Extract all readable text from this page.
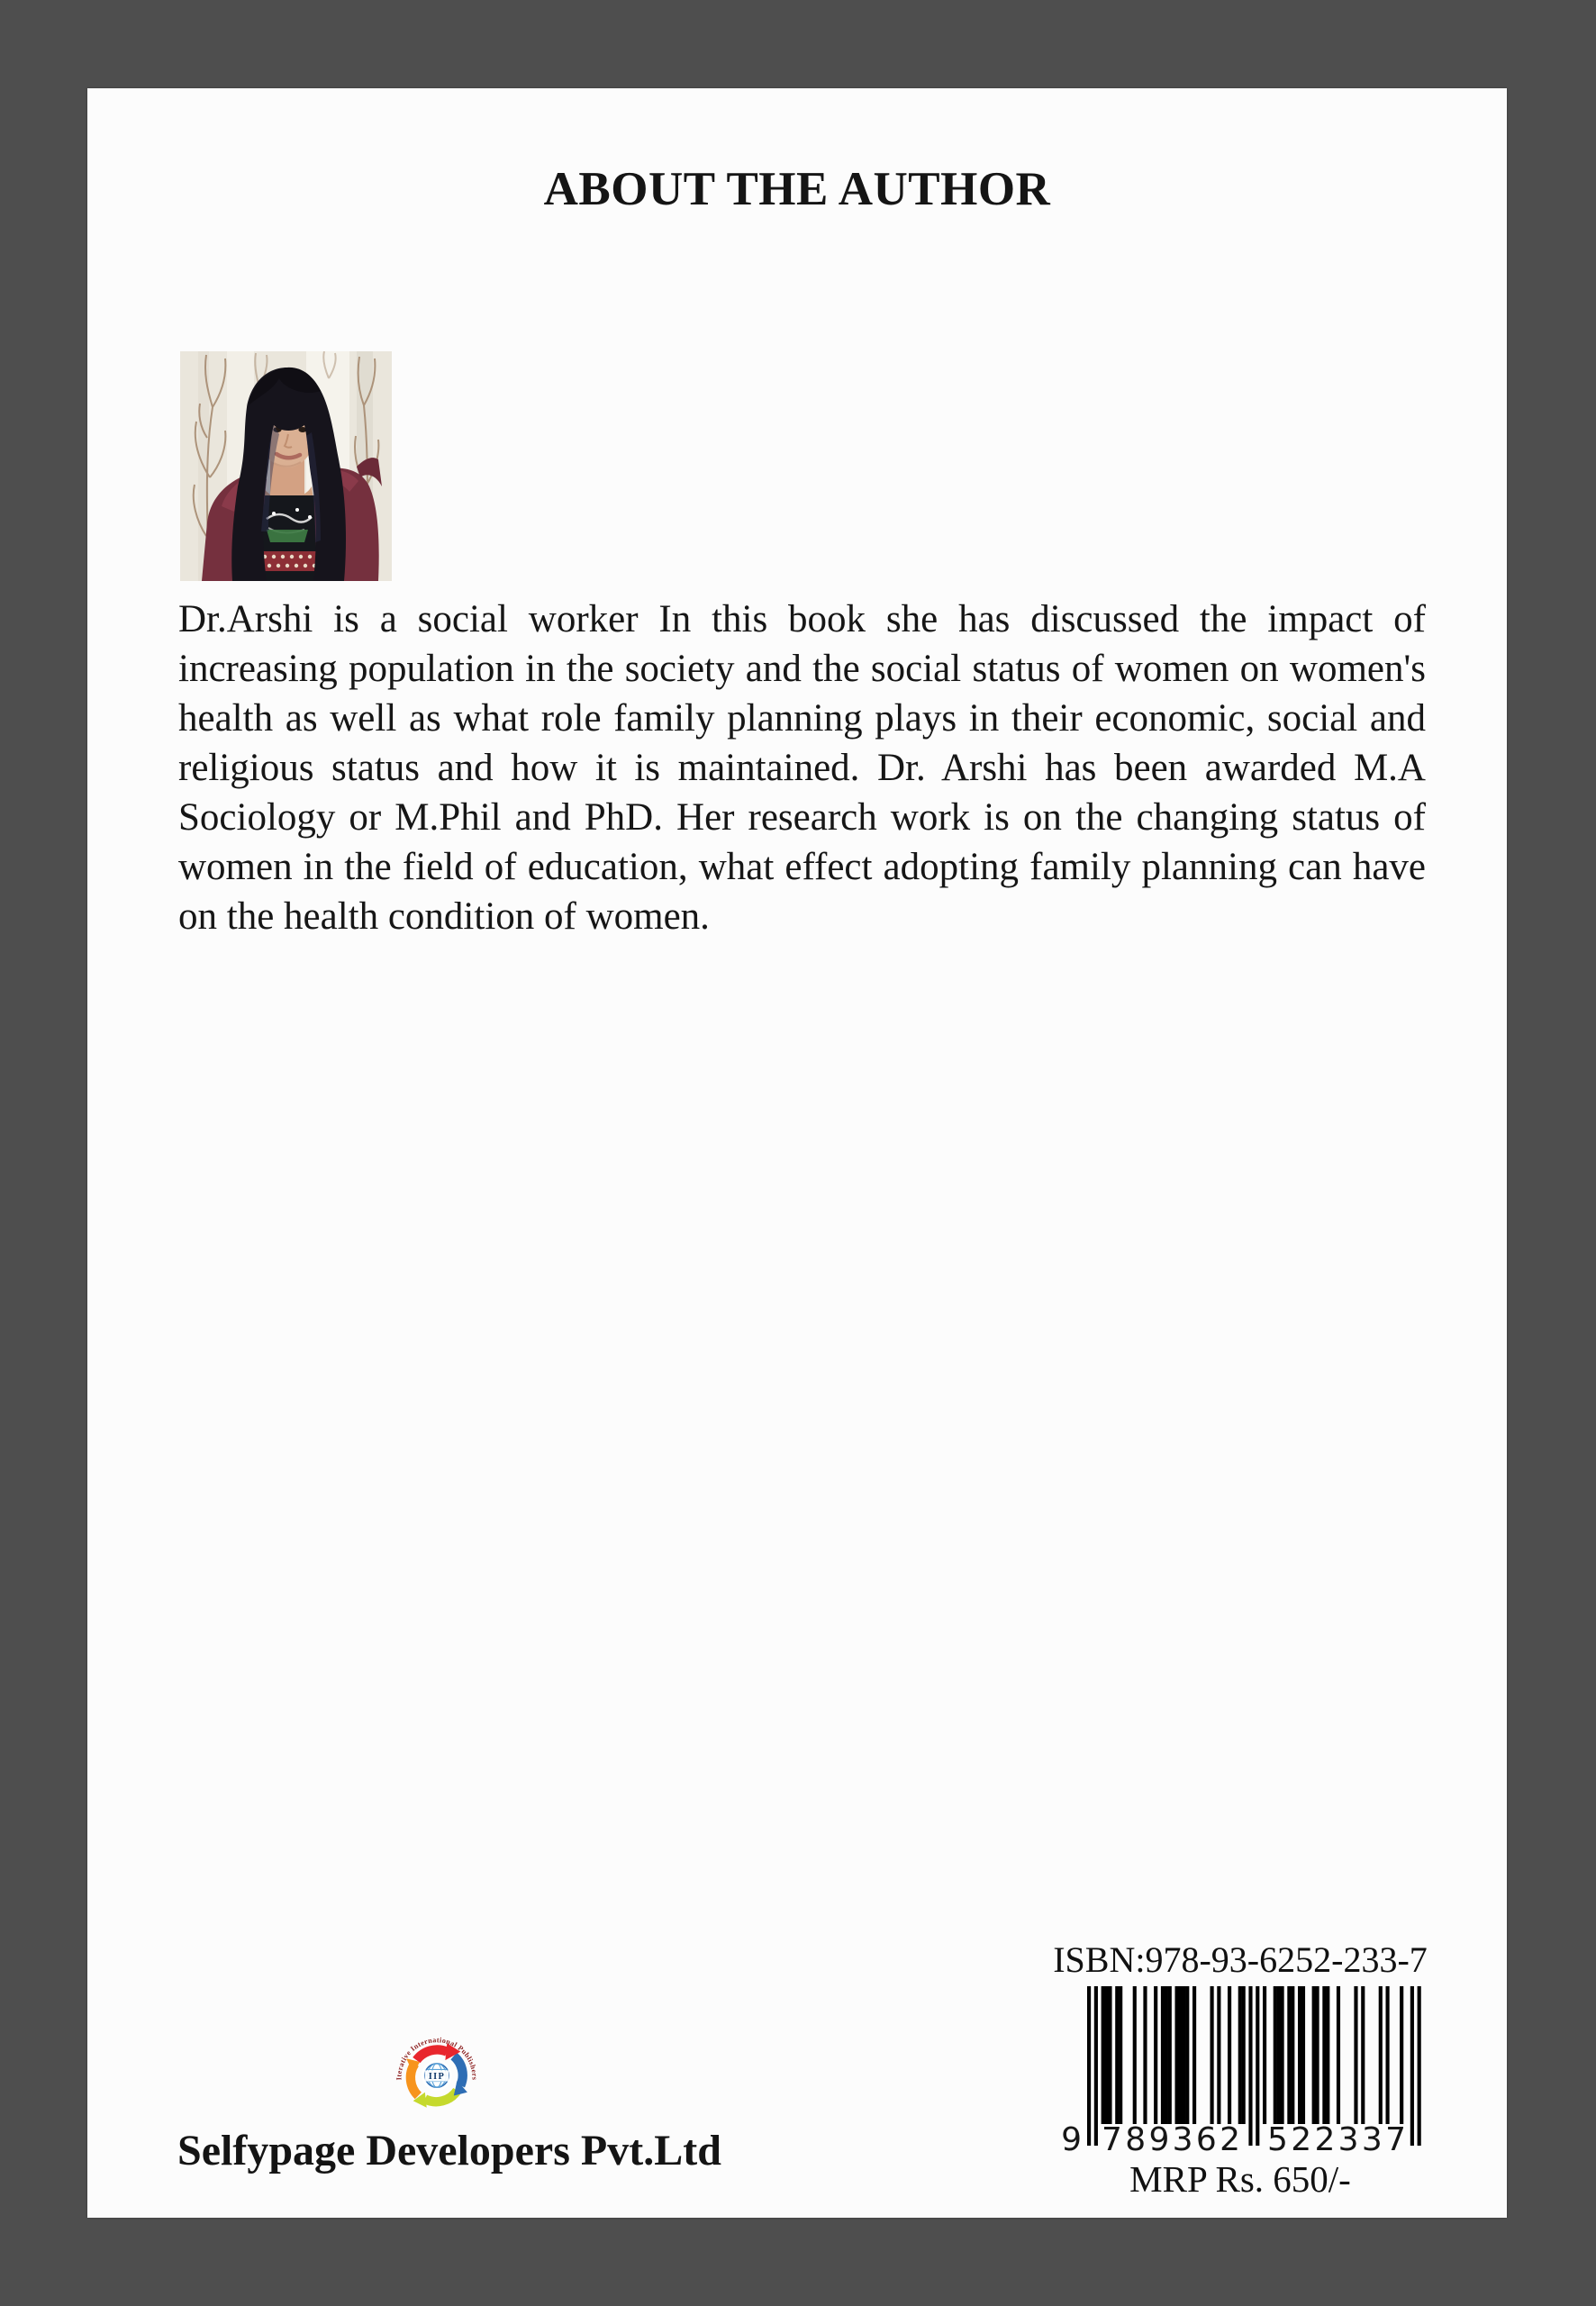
ABOUT THE AUTHOR
Dr.Arshi is a social worker In this book she has discussed the impact of increasing population in the society and the social status of women on women's health as well as what role family planning plays in their economic, social and religious status and how it is maintained. Dr. Arshi has been awarded M.A Sociology or M.Phil and PhD. Her research work is on the changing status of women in the field of education, what effect adopting family planning can have on the health condition of women.
ISBN:978-93-6252-233-7
9 789362 522337
MRP Rs. 650/-
IIP
Iterative International Publishers
Selfypage Developers Pvt.Ltd
